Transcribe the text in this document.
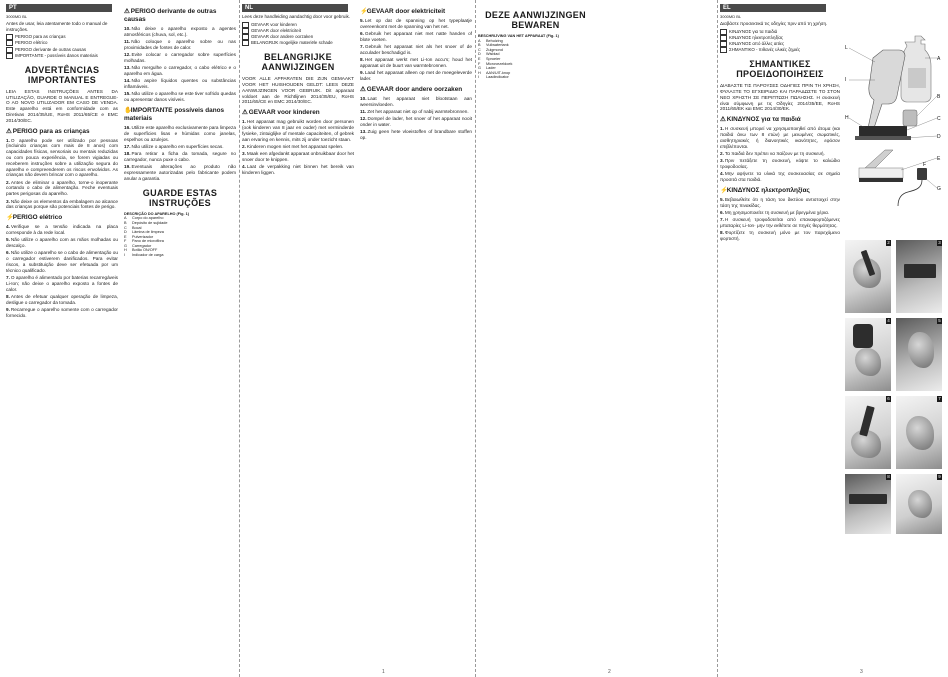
PT
3000MD BL
Antes de usar, leia atentamente todo o manual de instruções.
PERIGO para as crianças
PERIGO elétrico
PERIGO derivante de outras causas
IMPORTANTE - possíveis danos materiais
ADVERTÊNCIAS IMPORTANTES

LEIA ESTAS INSTRUÇÕES ANTES DA UTILIZAÇÃO, GUARDE O MANUAL E ENTREGUE-O AO NOVO UTILIZADOR EM CASO DE VENDA. Este aparelho está em conformidade com as Diretivas 2014/35/UE, RoHS 2011/65/CE e EMC 2014/30/EC.

⚠ PERIGO para as crianças

1.O aparelho pode ser utilizado por pessoas (incluindo crianças com mais de 8 anos) com capacidades físicas, sensoriais ou mentais reduzidas ou com pouca experiência, se forem vigiadas ou receberem instruções sobre a utilização segura do aparelho e compreenderem os riscos envolvidos. As crianças não devem brincar com o aparelho.

2.Antes de eliminar o aparelho, torne-o inoperante cortando o cabo de alimentação. Feche eventuais partes perigosas do aparelho.

3.Não deixe os elementos da embalagem ao alcance das crianças porque são potenciais fontes de perigo.

⚡ PERIGO elétrico

4.Verifique se a tensão indicada na placa corresponde à da rede local.

5.Não utilize o aparelho com as mãos molhadas ou descalço.

6.Não utilize o aparelho se o cabo de alimentação ou o carregador estiverem danificados. Para evitar riscos, a substituição deve ser efetuada por um técnico qualificado.

7.O aparelho é alimentado por baterias recarregáveis Li-Ion; não deixe o aparelho exposto a fontes de calor.

8.Antes de efetuar qualquer operação de limpeza, desligue o carregador da tomada.

9.Recarregue o aparelho somente com o carregador fornecido.

⚠ PERIGO derivante de outras causas

10.Não deixe o aparelho exposto a agentes atmosféricos (chuva, sol, etc.).

11.Não coloque o aparelho sobre ou nas proximidades de fontes de calor.

12.Evite colocar o carregador sobre superfícies molhadas.

13.Não mergulhe o carregador, o cabo elétrico e o aparelho em água.

14.Não aspire líquidos quentes ou substâncias inflamáveis.

15.Não utilize o aparelho se este tiver sofrido quedas ou apresentar danos visíveis.

✋ IMPORTANTE possíveis danos materiais

16.Utilize este aparelho exclusivamente para limpeza de superfícies lisas e húmidas como janelas, espelhos ou azulejos.

17.Não utilize o aparelho em superfícies secas.

18.Para retirar a ficha da tomada, segure no carregador, nunca puxe o cabo.

19.Eventuais alterações ao produto não expressamente autorizadas pelo fabricante podem anular a garantia.

GUARDE ESTAS INSTRUÇÕES
DESCRIÇÃO DO APARELHO (Fig. 1)
A Corpo do aparelho
B Depósito de sujidade
C Bocal
D Lâmina de limpeza
E Pulverizador
F Pano de microfibra
G Carregador
H Botão ON/OFF
I Indicador de carga
NL
Lees deze handleiding aandachtig door voor gebruik.
GEVAAR voor kinderen
GEVAAR door elektriciteit
GEVAAR door andere oorzaken
BELANGRIJK mogelijke materiële schade
BELANGRIJKE AANWIJZINGEN

VOOR ALLE APPARATEN DIE ZIJN GEMAAKT VOOR HET HUISHOUDEN GELDT: LEES DEZE AANWIJZINGEN VOOR GEBRUIK. Dit apparaat voldoet aan de Richtlijnen 2014/35/EU, RoHS 2011/65/CE en EMC 2014/30/EC.

⚠ GEVAAR voor kinderen

1.Het apparaat mag gebruikt worden door personen (ook kinderen van 8 jaar en ouder) met verminderde fysieke, zintuiglijke of mentale capaciteiten, of gebrek aan ervaring en kennis, mits zij onder toezicht staan.

2.Kinderen mogen niet met het apparaat spelen.

3.Maak een afgedankt apparaat onbruikbaar door het snoer door te knippen.

4.Laat de verpakking niet binnen het bereik van kinderen liggen.

⚡ GEVAAR door elektriciteit

5.Let op dat de spanning op het typeplaatje overeenkomt met de spanning van het net.

6.Gebruik het apparaat niet met natte handen of blote voeten.

7.Gebruik het apparaat niet als het snoer of de acculader beschadigd is.

8.Het apparaat werkt met Li-Ion accu's; houd het apparaat uit de buurt van warmtebronnen.

9.Laad het apparaat alleen op met de meegeleverde lader.

⚠ GEVAAR door andere oorzaken

10.Laat het apparaat niet blootstaan aan weersinvloeden.

11.Zet het apparaat niet op of nabij warmtebronnen.

12.Dompel de lader, het snoer of het apparaat nooit onder in water.

13.Zuig geen hete vloeistoffen of brandbare stoffen op.

DEZE AANWIJZINGEN BEWAREN
BESCHRIJVING VAN HET APPARAAT (Fig. 1)
A Behuizing
B Vuilwatertank
C Zuigmond
D Wisblad
E Sproeier
F Microvezeldoek
G Lader
H AAN/UIT-knop
I Laadindicator
EL
3000MD BL
Διαβάστε προσεκτικά τις οδηγίες πριν από τη χρήση.
ΚΙΝΔΥΝΟΣ για τα παιδιά
ΚΙΝΔΥΝΟΣ ηλεκτροπληξίας
ΚΙΝΔΥΝΟΣ από άλλες αιτίες
ΣΗΜΑΝΤΙΚΟ - πιθανές υλικές ζημιές
ΣΗΜΑΝΤΙΚΕΣ ΠΡΟΕΙΔΟΠΟΙΗΣΕΙΣ

ΔΙΑΒΑΣΤΕ ΤΙΣ ΠΑΡΟΥΣΕΣ ΟΔΗΓΙΕΣ ΠΡΙΝ ΤΗ ΧΡΗΣΗ, ΦΥΛΑΞΤΕ ΤΟ ΕΓΧΕΙΡΙΔΙΟ ΚΑΙ ΠΑΡΑΔΩΣΤΕ ΤΟ ΣΤΟΝ ΝΕΟ ΧΡΗΣΤΗ ΣΕ ΠΕΡΙΠΤΩΣΗ ΠΩΛΗΣΗΣ. Η συσκευή είναι σύμφωνη με τις Οδηγίες 2014/35/ΕΕ, RoHS 2011/65/ΕΚ και EMC 2014/30/ΕΚ.

⚠ ΚΙΝΔΥΝΟΣ για τα παιδιά

1.Η συσκευή μπορεί να χρησιμοποιηθεί από άτομα (και παιδιά άνω των 8 ετών) με μειωμένες σωματικές, αισθητηριακές ή διανοητικές ικανότητες, εφόσον επιβλέπονται.

2.Τα παιδιά δεν πρέπει να παίζουν με τη συσκευή.

3.Πριν πετάξετε τη συσκευή, κόψτε το καλώδιο τροφοδοσίας.

4.Μην αφήνετε τα υλικά της συσκευασίας σε σημεία προσιτά στα παιδιά.

⚡ ΚΙΝΔΥΝΟΣ ηλεκτροπληξίας

5.Βεβαιωθείτε ότι η τάση του δικτύου αντιστοιχεί στην τάση της πινακίδας.

6.Μη χρησιμοποιείτε τη συσκευή με βρεγμένα χέρια.

7.Η συσκευή τροφοδοτείται από επαναφορτιζόμενες μπαταρίες Li-Ion· μην την εκθέτετε σε πηγές θερμότητας.

8.Φορτίζετε τη συσκευή μόνο με τον παρεχόμενο φορτιστή.

L
I
H
A
B
C
D
E
F
G
2	3
4	5
6	7
8	9
1	2	3
